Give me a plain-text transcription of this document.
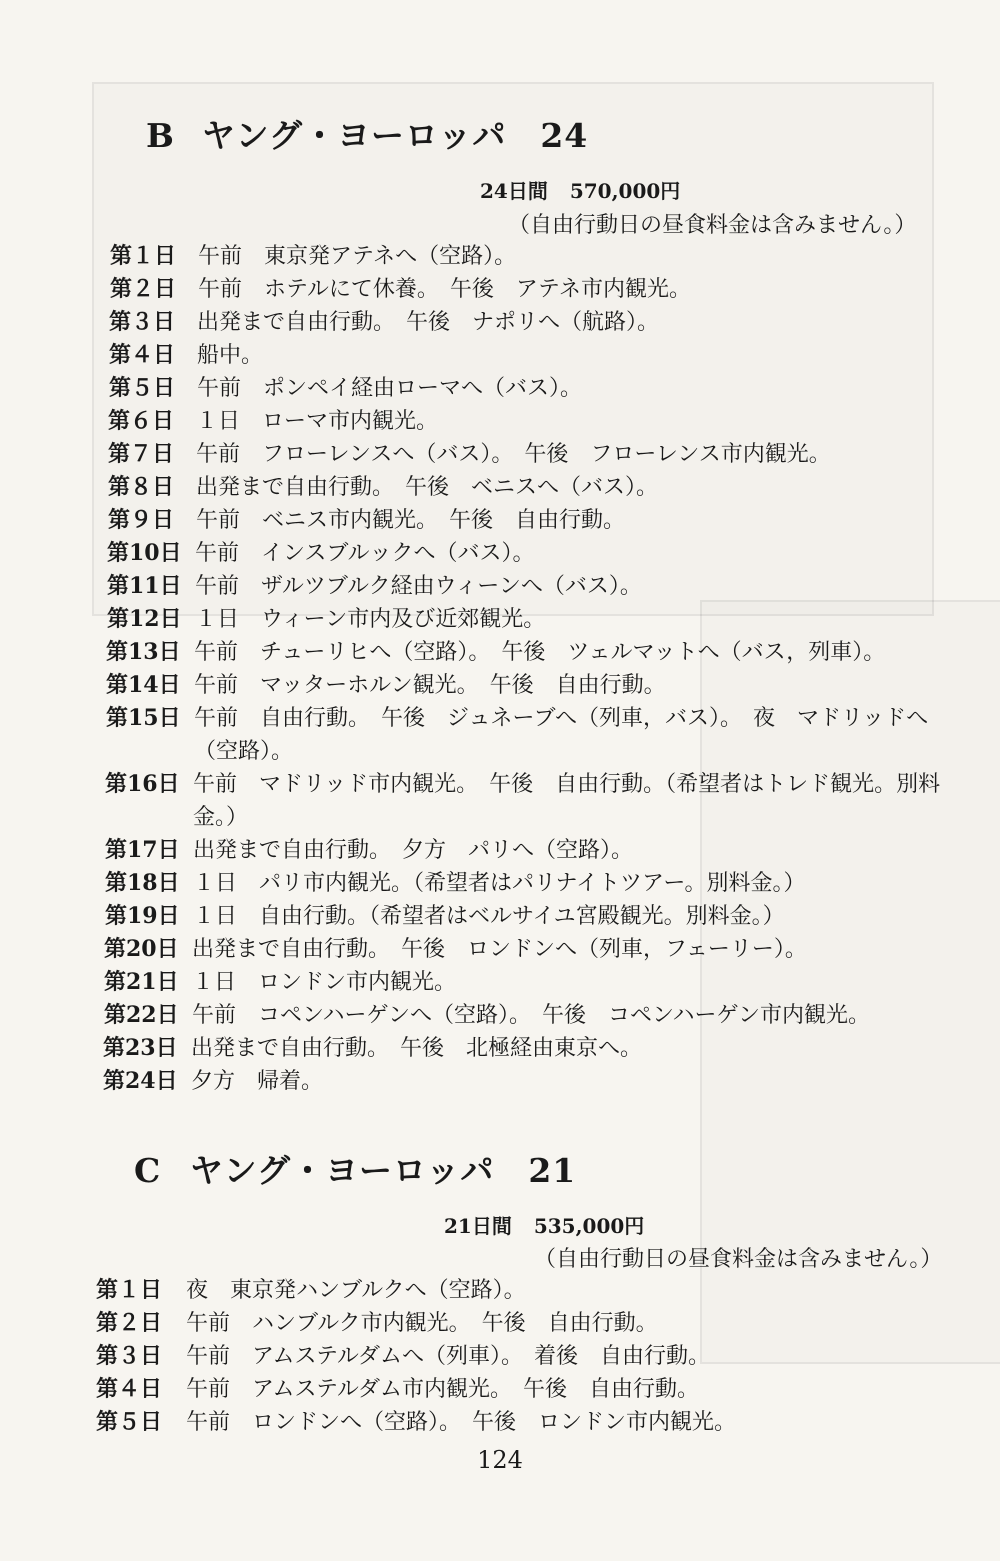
B ヤング・ヨーロッパ　24
24日間 570,000円
（自由行動日の昼食料金は含みません。）
第１日 午前　東京発アテネへ（空路）。
第２日 午前　ホテルにて休養。　午後　アテネ市内観光。
第３日 出発まで自由行動。　午後　ナポリへ（航路）。
第４日 船中。
第５日 午前　ポンペイ経由ローマへ（バス）。
第６日 １日　ローマ市内観光。
第７日 午前　フローレンスへ（バス）。　午後　フローレンス市内観光。
第８日 出発まで自由行動。　午後　ベニスへ（バス）。
第９日 午前　ベニス市内観光。　午後　自由行動。
第10日 午前　インスブルックへ（バス）。
第11日 午前　ザルツブルク経由ウィーンへ（バス）。
第12日 １日　ウィーン市内及び近郊観光。
第13日 午前　チューリヒへ（空路）。　午後　ツェルマットへ（バス，列車）。
第14日 午前　マッターホルン観光。　午後　自由行動。
第15日 午前　自由行動。　午後　ジュネーブへ（列車，バス）。　夜　マドリッドへ（空路）。
第16日 午前　マドリッド市内観光。　午後　自由行動。（希望者はトレド観光。別料金。）
第17日 出発まで自由行動。　夕方　パリへ（空路）。
第18日 １日　パリ市内観光。（希望者はパリナイトツアー。別料金。）
第19日 １日　自由行動。（希望者はベルサイユ宮殿観光。別料金。）
第20日 出発まで自由行動。　午後　ロンドンへ（列車，フェーリー）。
第21日 １日　ロンドン市内観光。
第22日 午前　コペンハーゲンへ（空路）。　午後　コペンハーゲン市内観光。
第23日 出発まで自由行動。　午後　北極経由東京へ。
第24日 夕方　帰着。
C ヤング・ヨーロッパ　21
21日間 535,000円
（自由行動日の昼食料金は含みません。）
第１日	夜　東京発ハンブルクへ（空路）。
第２日	午前　ハンブルク市内観光。　午後　自由行動。
第３日	午前　アムステルダムへ（列車）。　着後　自由行動。
第４日	午前　アムステルダム市内観光。　午後　自由行動。
第５日	午前　ロンドンへ（空路）。　午後　ロンドン市内観光。
124
